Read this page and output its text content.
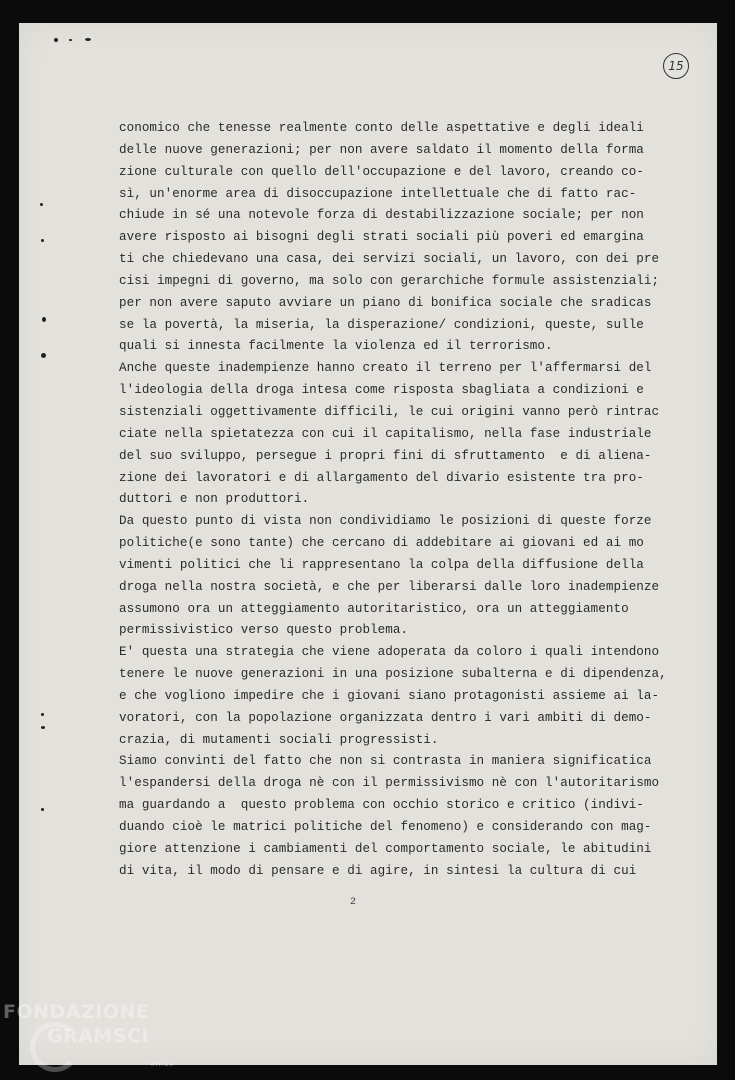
15
conomico che tenesse realmente conto delle aspettative e degli ideali
delle nuove generazioni; per non avere saldato il momento della forma
zione culturale con quello dell'occupazione e del lavoro, creando co-
sì, un'enorme area di disoccupazione intellettuale che di fatto rac-
chiude in sé una notevole forza di destabilizzazione sociale; per non
avere risposto ai bisogni degli strati sociali più poveri ed emargina
ti che chiedevano una casa, dei servizi sociali, un lavoro, con dei pre
cisi impegni di governo, ma solo con gerarchiche formule assistenziali;
per non avere saputo avviare un piano di bonifica sociale che sradicas
se la povertà, la miseria, la disperazione/ condizioni, queste, sulle
quali si innesta facilmente la violenza ed il terrorismo.
Anche queste inadempienze hanno creato il terreno per l'affermarsi del
l'ideologia della droga intesa come risposta sbagliata a condizioni e
sistenziali oggettivamente difficili, le cui origini vanno però rintrac
ciate nella spietatezza con cui il capitalismo, nella fase industriale
del suo sviluppo, persegue i propri fini di sfruttamento  e di aliena-
zione dei lavoratori e di allargamento del divario esistente tra pro-
duttori e non produttori.
Da questo punto di vista non condividiamo le posizioni di queste forze
politiche(e sono tante) che cercano di addebitare ai giovani ed ai mo
vimenti politici che li rappresentano la colpa della diffusione della
droga nella nostra società, e che per liberarsi dalle loro inadempienze
assumono ora un atteggiamento autoritaristico, ora un atteggiamento
permissivistico verso questo problema.
E' questa una strategia che viene adoperata da coloro i quali intendono
tenere le nuove generazioni in una posizione subalterna e di dipendenza,
e che vogliono impedire che i giovani siano protagonisti assieme ai la-
voratori, con la popolazione organizzata dentro i vari ambiti di demo-
crazia, di mutamenti sociali progressisti.
Siamo convinti del fatto che non si contrasta in maniera significatica
l'espandersi della droga nè con il permissivismo nè con l'autoritarismo
ma guardando a  questo problema con occhio storico e critico (indivi-
duando cioè le matrici politiche del fenomeno) e considerando con mag-
giore attenzione i cambiamenti del comportamento sociale, le abitudini
di vita, il modo di pensare e di agire, in sintesi la cultura di cui
2
FONDAZIONE
GRAMSCI
onlus
